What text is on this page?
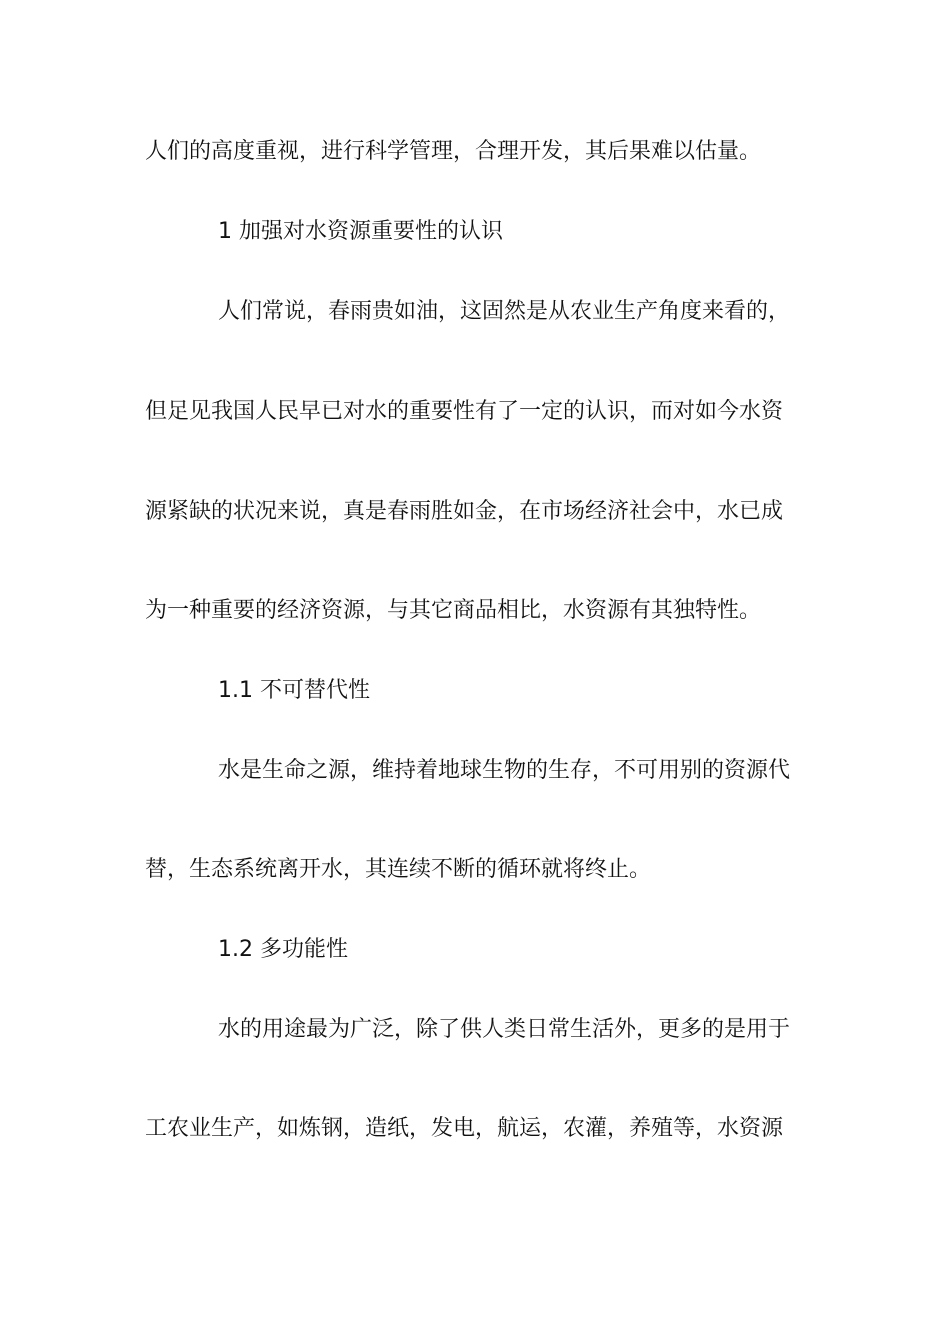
人们的高度重视，进行科学管理，合理开发，其后果难以估量。

1 加强对水资源重要性的认识

人们常说，春雨贵如油，这固然是从农业生产角度来看的，

但足见我国人民早已对水的重要性有了一定的认识，而对如今水资

源紧缺的状况来说，真是春雨胜如金，在市场经济社会中，水已成

为一种重要的经济资源，与其它商品相比，水资源有其独特性。

1.1 不可替代性

水是生命之源，维持着地球生物的生存，不可用别的资源代

替，生态系统离开水，其连续不断的循环就将终止。

1.2 多功能性

水的用途最为广泛，除了供人类日常生活外，更多的是用于

工农业生产，如炼钢，造纸，发电，航运，农灌，养殖等，水资源
